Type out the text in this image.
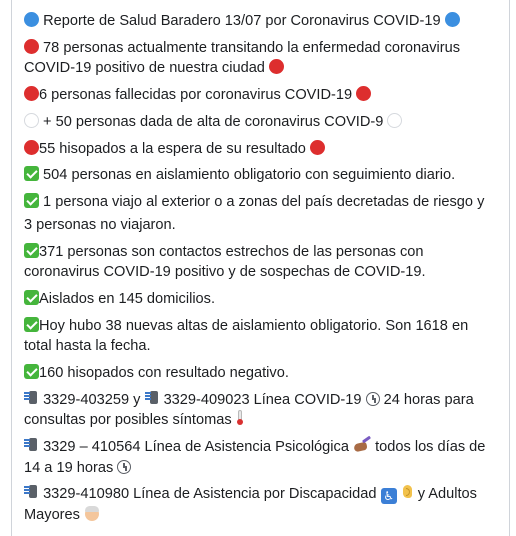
Reporte de Salud Baradero 13/07 por Coronavirus COVID-19

78 personas actualmente transitando la enfermedad coronavirus COVID-19 positivo de nuestra ciudad

6 personas fallecidas por coronavirus COVID-19

+ 50 personas dada de alta de coronavirus COVID-9

55 hisopados a la espera de su resultado

504 personas en aislamiento obligatorio con seguimiento diario.

1 persona viajo al exterior o a zonas del país decretadas de riesgo y

3 personas no viajaron.

371 personas son contactos estrechos de las personas con coronavirus COVID-19 positivo y de sospechas de COVID-19.

Aislados en 145 domicilios.

Hoy hubo 38 nuevas altas de aislamiento obligatorio. Son 1618 en total hasta la fecha.

160 hisopados con resultado negativo.

3329-403259 y  3329-409023 Línea COVID-19  24 horas para consultas por posibles síntomas

3329 – 410564 Línea de Asistencia Psicológica  todos los días de 14 a 19 horas

3329-410980 Línea de Asistencia por Discapacidad ♿  y Adultos Mayores
